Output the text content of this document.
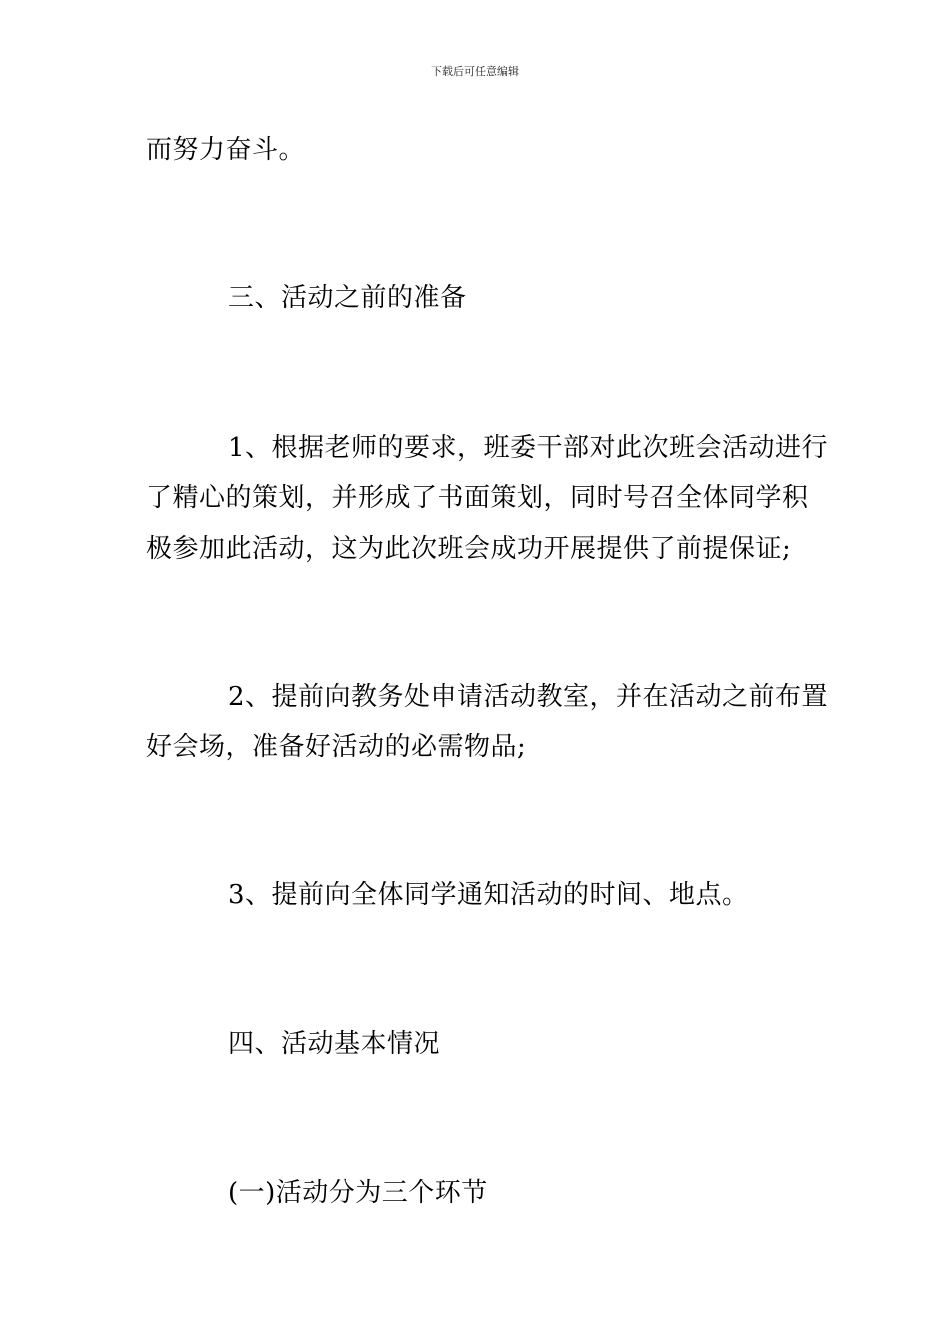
下载后可任意编辑
而努力奋斗。
三、活动之前的准备
1、根据老师的要求，班委干部对此次班会活动进行
了精心的策划，并形成了书面策划，同时号召全体同学积
极参加此活动，这为此次班会成功开展提供了前提保证;
2、提前向教务处申请活动教室，并在活动之前布置
好会场，准备好活动的必需物品;
3、提前向全体同学通知活动的时间、地点。
四、活动基本情况
(一)活动分为三个环节
